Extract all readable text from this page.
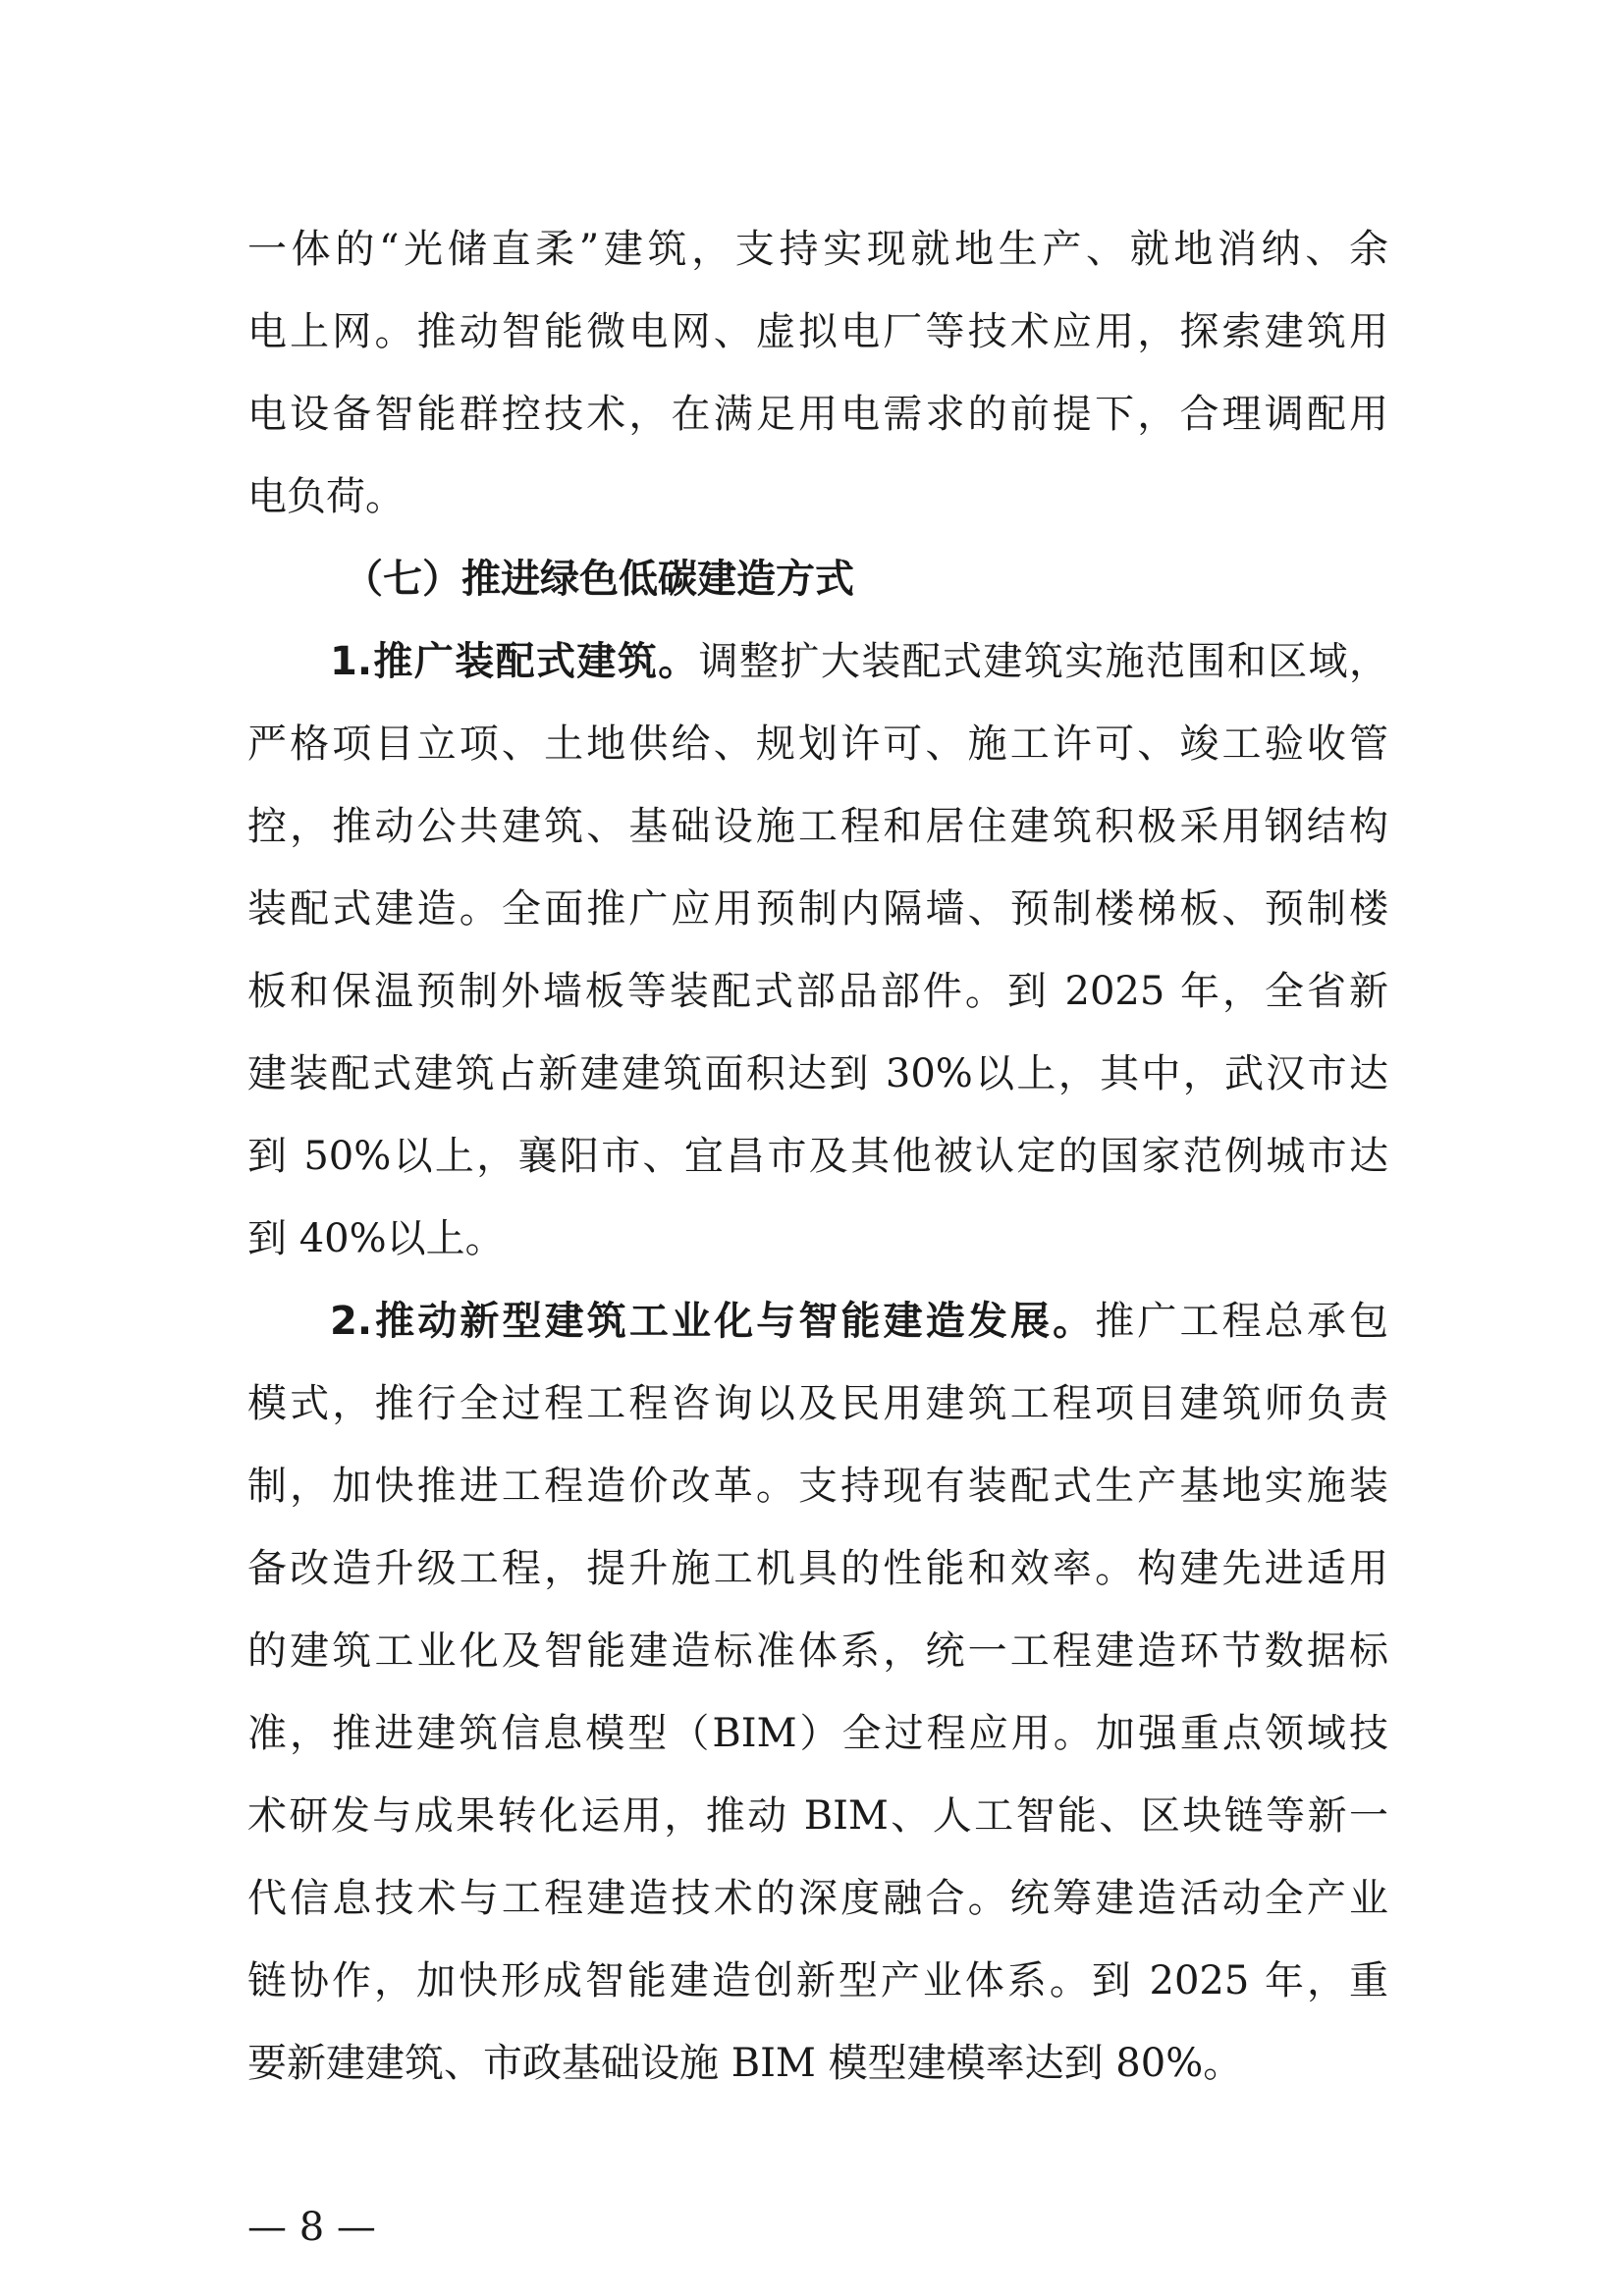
一体的“光储直柔”建筑，支持实现就地生产、就地消纳、余
电上网。推动智能微电网、虚拟电厂等技术应用，探索建筑用
电设备智能群控技术，在满足用电需求的前提下，合理调配用
电负荷。
（七）推进绿色低碳建造方式
1.推广装配式建筑。调整扩大装配式建筑实施范围和区域，
严格项目立项、土地供给、规划许可、施工许可、竣工验收管
控，推动公共建筑、基础设施工程和居住建筑积极采用钢结构
装配式建造。全面推广应用预制内隔墙、预制楼梯板、预制楼
板和保温预制外墙板等装配式部品部件。到 2025 年，全省新
建装配式建筑占新建建筑面积达到 30%以上，其中，武汉市达
到 50%以上，襄阳市、宜昌市及其他被认定的国家范例城市达
到 40%以上。
2.推动新型建筑工业化与智能建造发展。推广工程总承包
模式，推行全过程工程咨询以及民用建筑工程项目建筑师负责
制，加快推进工程造价改革。支持现有装配式生产基地实施装
备改造升级工程，提升施工机具的性能和效率。构建先进适用
的建筑工业化及智能建造标准体系，统一工程建造环节数据标
准，推进建筑信息模型（BIM）全过程应用。加强重点领域技
术研发与成果转化运用，推动 BIM、人工智能、区块链等新一
代信息技术与工程建造技术的深度融合。统筹建造活动全产业
链协作，加快形成智能建造创新型产业体系。到 2025 年，重
要新建建筑、市政基础设施 BIM 模型建模率达到 80%。
— 8 —
